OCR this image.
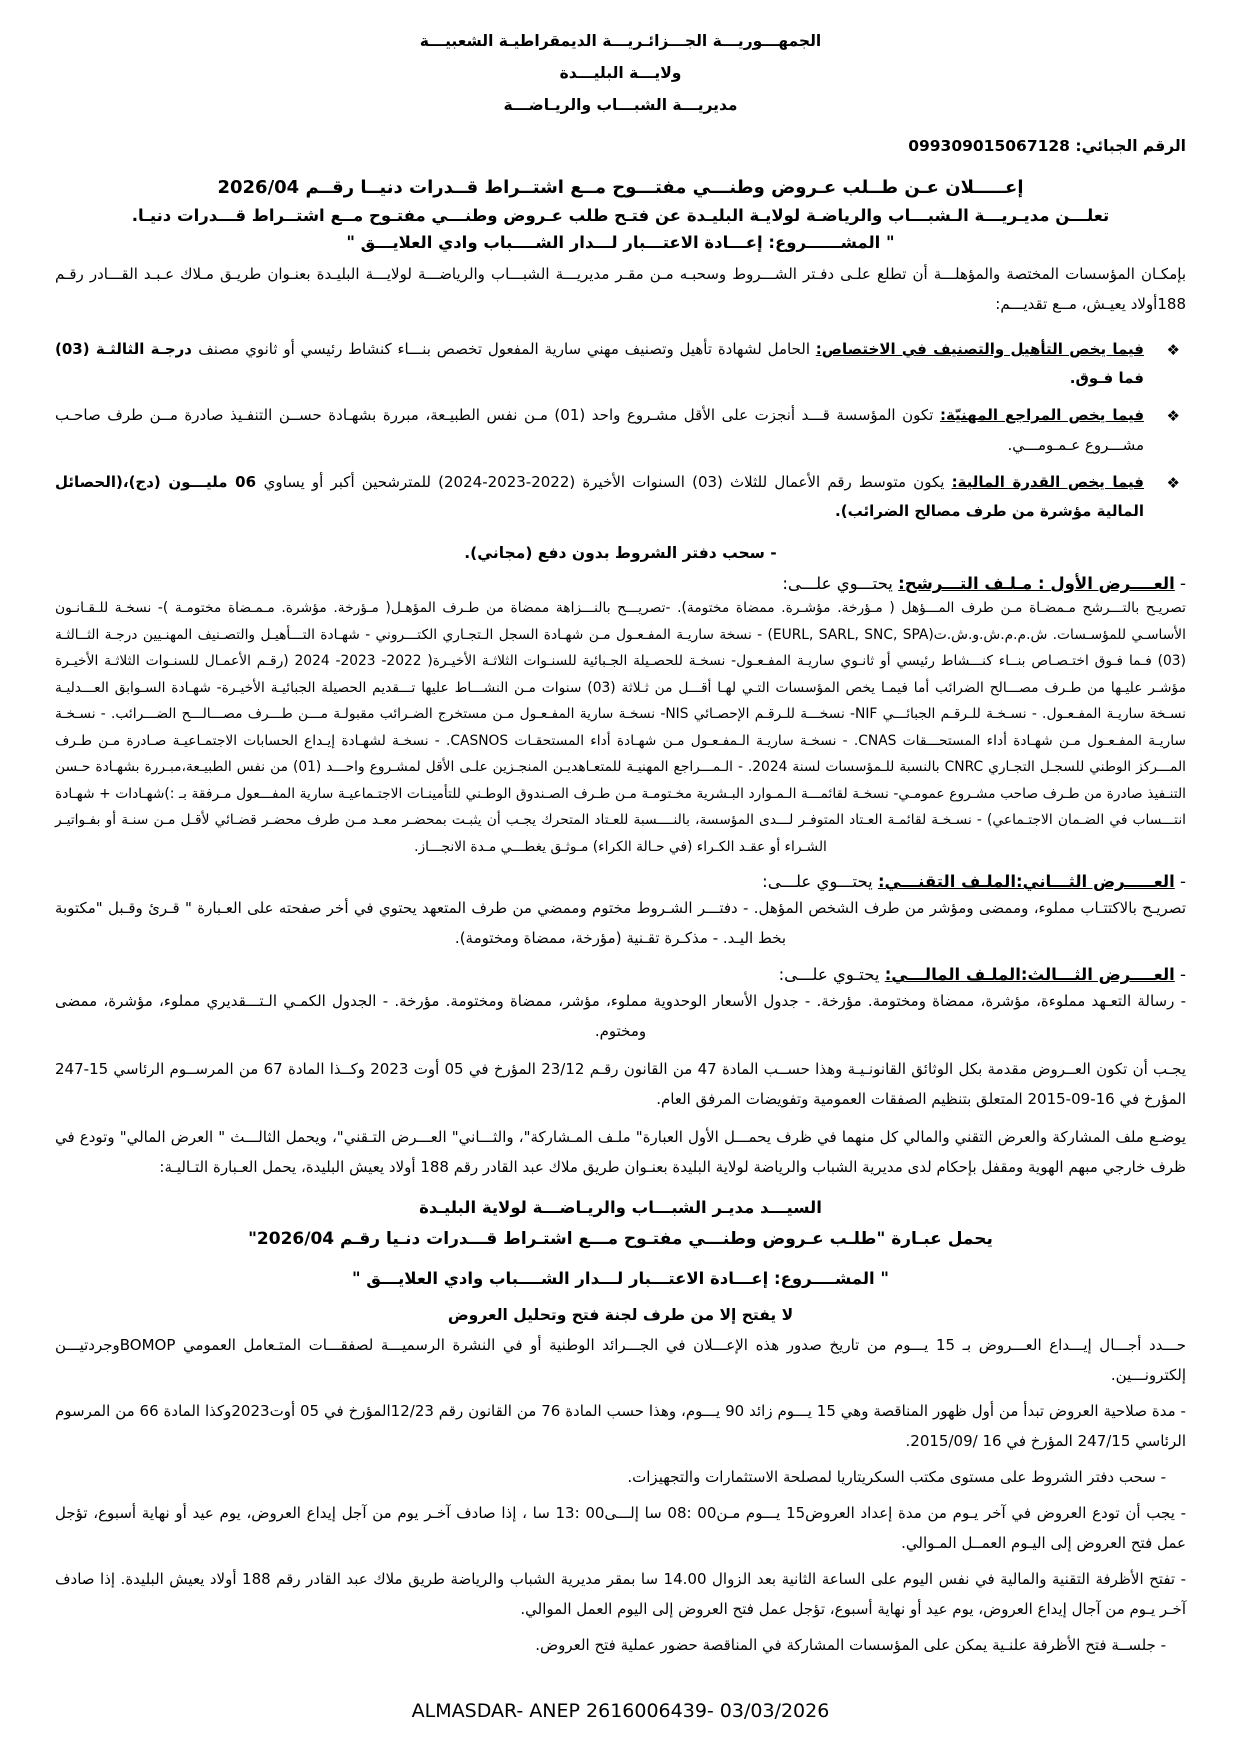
الجمهـــوريـــة الجـــزائـريـــة الديمقراطيـة الشعبيـــة
ولايـــة البليـــدة
مديريـــة الشبـــاب والريـاضـــة
الرقم الجبائي: 099309015067128
إعـــــلان عـن طــلب عـروض وطنـــي مفتـــوح مــع اشتــراط قــدرات دنيــا رقــم 2026/04
تعلـــن مديـريـــة الـشبـــاب والرياضـة لولايـة البليـدة عن فتـح طلب عـروض وطنـــي مفتـوح مــع اشتــراط قـــدرات دنيـا.
" المشــــــروع: إعـــادة الاعتـــبار لـــدار الشــــباب وادي العلايـــق "

بإمكـان المؤسسات المختصة والمؤهلـــة أن تطلع علـى دفـتر الشـــروط وسحبـه مـن مقـر مديريـــة الشبـــاب والرياضـــة لولايـــة البليـدة بعنـوان طريـق مـلاك عـبـد القـــادر رقـم 188أولاد يعيـش، مــع تقديـــم:

❖
فيما يخص التأهيل والتصنيف في الاختصاص: الحامل لشهادة تأهيل وتصنيف مهني سارية المفعول تخصص بنـــاء كنشاط رئيسي أو ثانوي مصنف درجـة الثالثـة (03) فما فـوق.
❖
فيما يخص المراجع المهنيّة: تكون المؤسسة قـــد أنجزت على الأقل مشـروع واحد (01) مـن نفس الطبيـعة، مبررة بشهـادة حســن التنفـيذ صادرة مــن طرف صاحـب مشـــروع عـمـومـــي.
❖
فيما يخص القدرة المالية: يكون متوسط رقم الأعمال للثلاث (03) السنوات الأخيرة (2022-2023-2024) للمترشحين أكبر أو يساوي 06 مليـــون (دج)،(الحصائل المالية مؤشرة من طرف مصالح الضرائب).
- سحب دفتر الشروط بدون دفع (مجاني).

- العــــرض الأول : مـلـف التـــرشح: يحتـــوي علـــى:

تصريـح بالتـــرشح مـمضـاة مـن طرف المـــؤهل ( مـؤرخة. مؤشـرة. ممضاة مختومة). -تصريـــح بالنـــزاهة ممضاة من طـرف المؤهـل( مـؤرخة. مؤشرة. مـمـضاة مختومـة )- نسخـة للـقـانـون الأساسـي للمؤسـسات. ش.م.م.ش.و.ش.ت(EURL, SARL, SNC, SPA) - نسخة ساريـة المفـعـول مـن شهـادة السجل الـتجـاري الكتـــروني - شهـادة التـــأهيـل والتصـنيف المهنـيين درجـة الثــالثـة (03) فـما فـوق اختـصـاص بنــاء كنـــشاط رئيسي أو ثانـوي ساريـة المفـعـول- نسخـة للحصـيلة الجـبائية للسنـوات الثلاثـة الأخيـرة( 2022- 2023- 2024 (رقـم الأعمـال للسنـوات الثلاثـة الأخيـرة مؤشـر عليـها من طـرف مصـــالح الضرائب أما فيمـا يخص المؤسسات التـي لهـا أقـــل من ثـلاثة (03) سنوات مـن النشـــاط عليها تـــقديم الحصيلة الجبائيـة الأخيـرة- شهـادة السـوابق العـــدليـة نسـخة ساريـة المفـعـول. - نسـخـة للـرقـم الجبائـــي NIF- نسخـــة للـرقـم الإحصـائي NIS- نسخـة سارية المفـعـول مـن مستخرج الضـرائب مقبولـة مـــن طـــرف مصـــالـــح الضـــرائب. - نسـخـة ساريـة المفـعـول مـن شهـادة أداء المستحـــقات CNAS. - نسخـة ساريـة الـمفـعـول مـن شهـادة أداء المستحقـات CASNOS. - نسخـة لشهـادة إيـداع الحسابات الاجتمـاعيـة صـادرة مـن طـرف المـــركز الوطني للسجـل التجـاري CNRC بالنسبة للـمؤسسات لسنة 2024. - الـمـــراجع المهنيـة للمتعـاهديـن المنجـزين علـى الأقل لمشـروع واحـــد (01) من نفس الطبيـعة،مبـررة بشهـادة حـسن التنـفيذ صادرة من طـرف صاحب مشـروع عمومـي- نسخـة لقائمـــة الـمـوارد البـشرية مخـتومـة مـن طـرف الصـندوق الوطـني للتأمينـات الاجتـماعيـة سارية المفـــعول مـرفقة بـ :)شهـادات + شهـادة انتـــساب في الضـمان الاجتـماعي) - نسـخـة لقائمـة العـتاد المتوفـر لـــدى المؤسسة، بالنــــسبة للعـتاد المتحرك يجـب أن يثبـت بمحضـر معـد مـن طرف محضـر قضـائي لأقـل مـن سنـة أو بفـواتيـر الشـراء أو عقـد الكـراء (في حـالة الكراء) مـوثـق يغطـــي مـدة الانجـــاز.

- العـــــرض الثـــاني:الملـف التقنـــي: يحتـــوي علـــى:

تصريـح بالاكتتـاب مملوء، وممضى ومؤشر من طرف الشخص المؤهل. - دفتـــر الشـروط مختوم وممضي من طرف المتعهد يحتوي في أخر صفحته على العـبارة " قـرئ وقـبل "مكتوبة بخط اليـد. - مذكـرة تقـنية (مؤرخة، ممضاة ومختومة).

- العــــرض الثـــالث:الملـف المالـــي: يحتـوي علـــى:

- رسالة التعـهد مملوءة، مؤشرة، ممضاة ومختومة. مؤرخة. - جدول الأسعار الوحدوية مملوء، مؤشر، ممضاة ومختومة. مؤرخة. - الجدول الكمـي الـتـــقديري مملوء، مؤشرة، ممضى ومختوم.

يجـب أن تكون العــروض مقدمة بكل الوثائق القانونـيـة وهذا حســب المادة 47 من القانون رقـم 23/12 المؤرخ في 05 أوت 2023 وكــذا المادة 67 من المرســوم الرئاسي 15-247 المؤرخ في 16-09-2015 المتعلق بتنظيم الصفقات العمومية وتفويضات المرفق العام.

يوضـع ملف المشاركة والعرض التقني والمالي كل منهما في ظرف يحمـــل الأول العبارة" ملـف المـشاركة"، والثـــاني" العـــرض التـقني"، ويحمل الثالـــث " العرض المالي" وتودع في ظرف خارجي مبهم الهوية ومقفل بإحكام لدى مديرية الشباب والرياضة لولاية البليدة بعنـوان طريق ملاك عبد القادر رقم 188 أولاد يعيش البليدة، يحمل العـبارة التـاليـة:

السيـــد مديـر الشبـــاب والريـاضـــة لولاية البليـدة

يحمل عبـارة "طلـب عـروض وطنـــي مفتـوح مـــع اشتـراط قـــدرات دنـيا رقـم 2026/04"

" المشــــروع: إعـــادة الاعتـــبار لـــدار الشــــباب وادي العلايـــق "

لا يفتح إلا من طرف لجنة فتح وتحليل العروض

حـــدد أجـــال إيـــداع العـــروض بـ 15 يـــوم من تاريخ صدور هذه الإعـــلان في الجـــرائد الوطنية أو في النشرة الرسميـــة لصفقـــات المتـعامل العمومي BOMOPوجردتيـــن إلكترونـــين.

- مدة صلاحية العروض تبدأ من أول ظهور المناقصة وهي 15 يـــوم زائد 90 يـــوم، وهذا حسب المادة 76 من القانون رقم 12/23المؤرخ في 05 أوت2023وكذا المادة 66 من المرسوم الرئاسي 247/15 المؤرخ في 16 /2015/09.

- سحب دفتر الشروط على مستوى مكتب السكريتاريا لمصلحة الاستثمارات والتجهيزات.

- يجب أن تودع العروض في آخر يـوم من مدة إعداد العروض15 يـــوم مـن00 :08 سا إلـــى00 :13 سا ، إذا صادف آخـر يوم من آجل إيداع العروض، يوم عيد أو نهاية أسبوع، تؤجل عمل فتح العروض إلى اليـوم العمــل المـوالي.

- تفتح الأظرفة التقنية والمالية في نفس اليوم على الساعة الثانية بعد الزوال 14.00 سا بمقر مديرية الشباب والرياضة طريق ملاك عبد القادر رقم 188 أولاد يعيش البليدة. إذا صادف آخـر يـوم من آجال إيداع العروض، يوم عيد أو نهاية أسبوع، تؤجل عمل فتح العروض إلى اليوم العمل الموالي.

- جلســة فتح الأظرفة علنـية يمكن على المؤسسات المشاركة في المناقصة حضور عملية فتح العروض.

ALMASDAR- ANEP 2616006439- 03/03/2026
